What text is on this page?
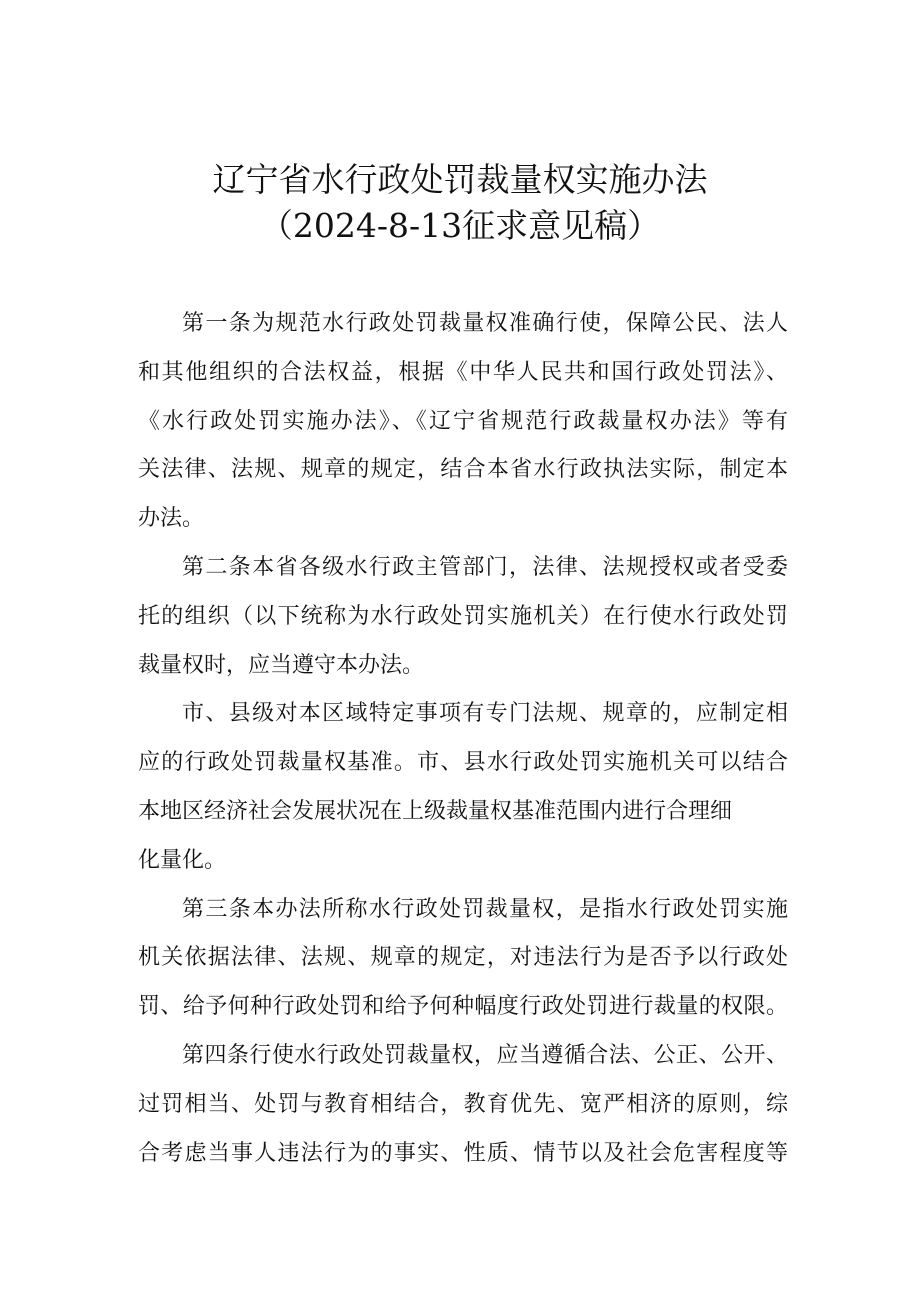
辽宁省水行政处罚裁量权实施办法
（2024-8-13征求意见稿）
第一条为规范水行政处罚裁量权准确行使，保障公民、法人
和其他组织的合法权益，根据《中华人民共和国行政处罚法》、
《水行政处罚实施办法》、《辽宁省规范行政裁量权办法》等有
关法律、法规、规章的规定，结合本省水行政执法实际，制定本
办法。
第二条本省各级水行政主管部门，法律、法规授权或者受委
托的组织（以下统称为水行政处罚实施机关）在行使水行政处罚
裁量权时，应当遵守本办法。
市、县级对本区域特定事项有专门法规、规章的，应制定相
应的行政处罚裁量权基准。市、县水行政处罚实施机关可以结合
本地区经济社会发展状况在上级裁量权基准范围内进行合理细
化量化。
第三条本办法所称水行政处罚裁量权，是指水行政处罚实施
机关依据法律、法规、规章的规定，对违法行为是否予以行政处
罚、给予何种行政处罚和给予何种幅度行政处罚进行裁量的权限。
第四条行使水行政处罚裁量权，应当遵循合法、公正、公开、
过罚相当、处罚与教育相结合，教育优先、宽严相济的原则，综
合考虑当事人违法行为的事实、性质、情节以及社会危害程度等
